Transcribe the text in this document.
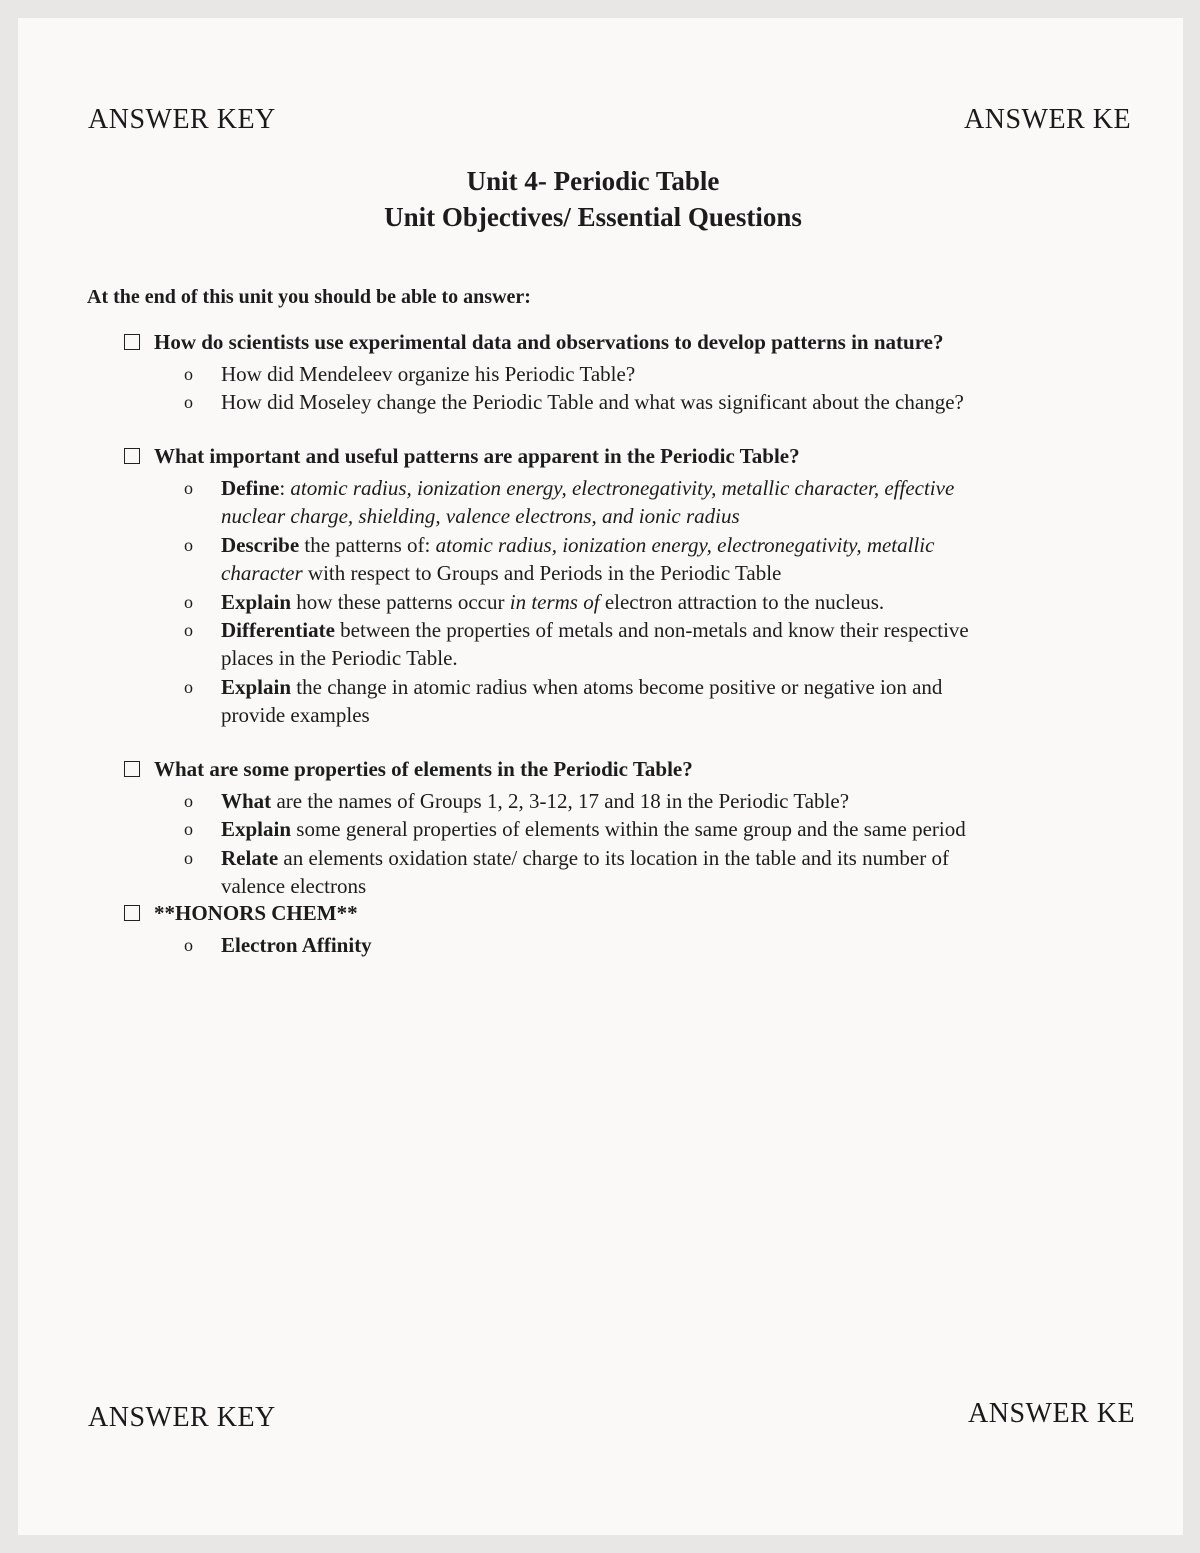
ANSWER KEY	ANSWER KE
Unit 4- Periodic Table
Unit Objectives/ Essential Questions
At the end of this unit you should be able to answer:
How do scientists use experimental data and observations to develop patterns in nature?
o How did Mendeleev organize his Periodic Table?
o How did Moseley change the Periodic Table and what was significant about the change?
What important and useful patterns are apparent in the Periodic Table?
o Define: atomic radius, ionization energy, electronegativity, metallic character, effective
nuclear charge, shielding, valence electrons, and ionic radius
o Describe the patterns of: atomic radius, ionization energy, electronegativity, metallic
character with respect to Groups and Periods in the Periodic Table
o Explain how these patterns occur in terms of electron attraction to the nucleus.
o Differentiate between the properties of metals and non-metals and know their respective
places in the Periodic Table.
o Explain the change in atomic radius when atoms become positive or negative ion and
provide examples
What are some properties of elements in the Periodic Table?
o What are the names of Groups 1, 2, 3-12, 17 and 18 in the Periodic Table?
o Explain some general properties of elements within the same group and the same period
o Relate an elements oxidation state/ charge to its location in the table and its number of
valence electrons
**HONORS CHEM**
o Electron Affinity
ANSWER KEY	ANSWER KE
